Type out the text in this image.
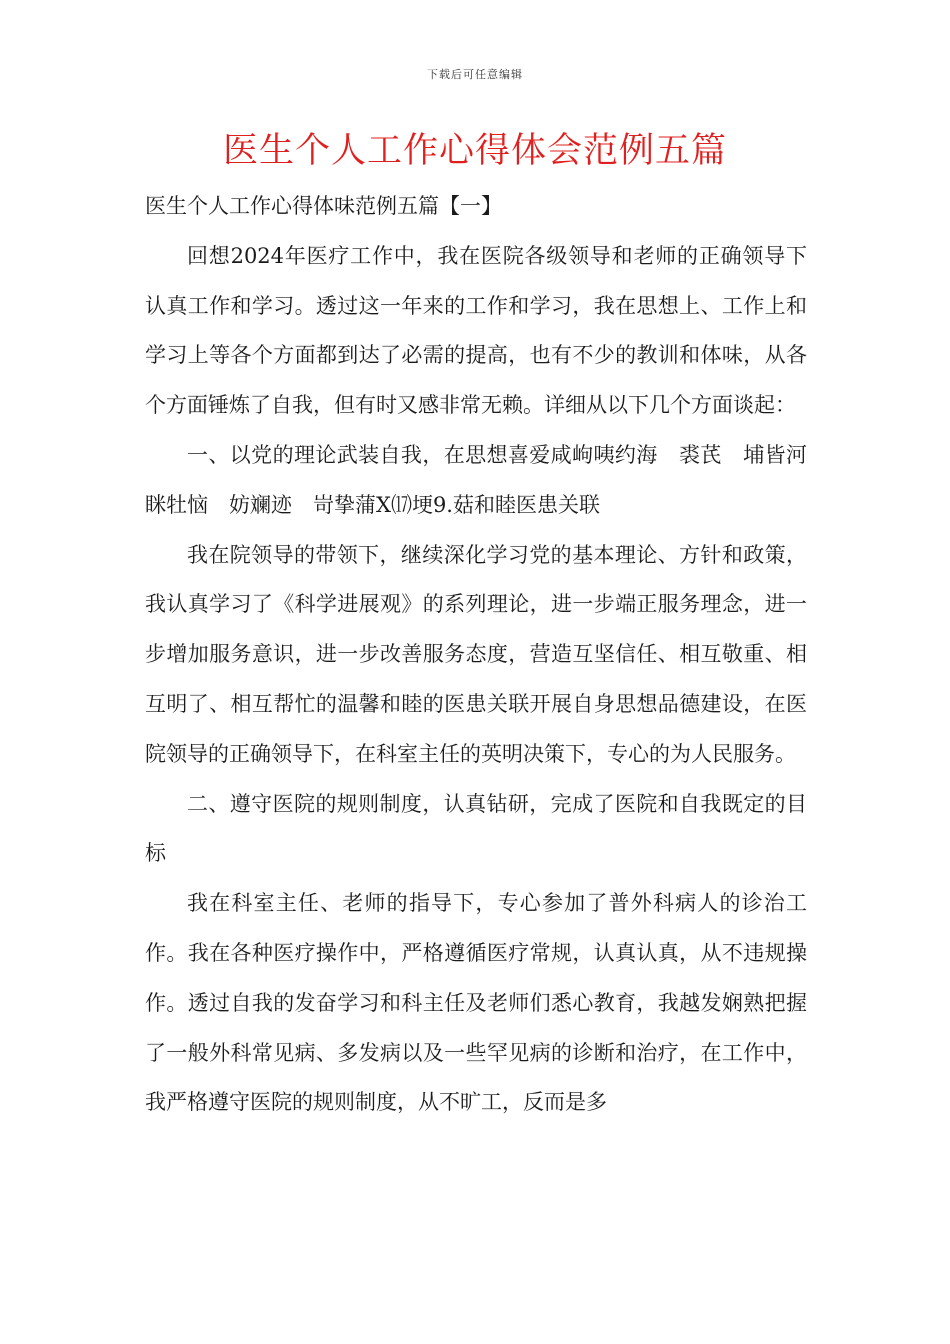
下载后可任意编辑
医生个人工作心得体会范例五篇

医生个人工作心得体味范例五篇【一】

回想2024年医疗工作中，我在医院各级领导和老师的正确领导下认真工作和学习。透过这一年来的工作和学习，我在思想上、工作上和学习上等各个方面都到达了必需的提高，也有不少的教训和体味，从各个方面锤炼了自我，但有时又感非常无赖。详细从以下几个方面谈起：

一、以党的理论武装自我，在思想喜爱咸岣咦约海　裘芪　埔皆河眯牡恼　妨斓迹　岢挚蒲X⒄埂9.菇和睦医患关联

我在院领导的带领下，继续深化学习党的基本理论、方针和政策，我认真学习了《科学进展观》的系列理论，进一步端正服务理念，进一步增加服务意识，进一步改善服务态度，营造互坚信任、相互敬重、相互明了、相互帮忙的温馨和睦的医患关联开展自身思想品德建设，在医院领导的正确领导下，在科室主任的英明决策下，专心的为人民服务。

二、遵守医院的规则制度，认真钻研，完成了医院和自我既定的目标

我在科室主任、老师的指导下，专心参加了普外科病人的诊治工作。我在各种医疗操作中，严格遵循医疗常规，认真认真，从不违规操作。透过自我的发奋学习和科主任及老师们悉心教育，我越发娴熟把握了一般外科常见病、多发病以及一些罕见病的诊断和治疗，在工作中，我严格遵守医院的规则制度，从不旷工，反而是多
